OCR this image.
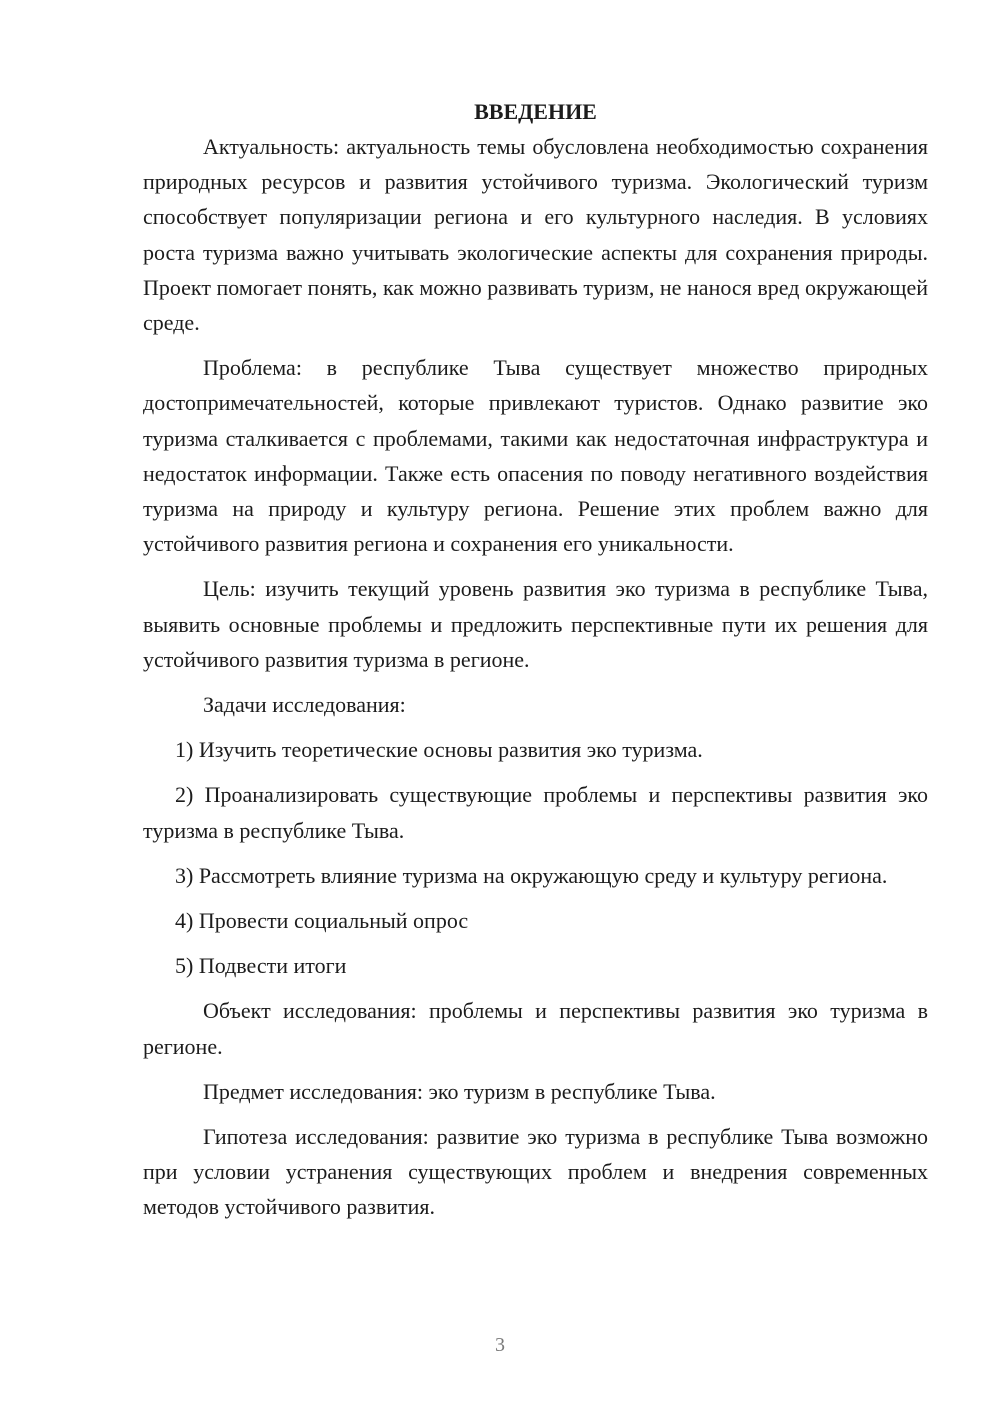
ВВЕДЕНИЕ

Актуальность: актуальность темы обусловлена необходимостью сохранения природных ресурсов и развития устойчивого туризма. Экологический туризм способствует популяризации региона и его культурного наследия. В условиях роста туризма важно учитывать экологические аспекты для сохранения природы. Проект помогает понять, как можно развивать туризм, не нанося вред окружающей среде.

Проблема: в республике Тыва существует множество природных достопримечательностей, которые привлекают туристов. Однако развитие эко туризма сталкивается с проблемами, такими как недостаточная инфраструктура и недостаток информации. Также есть опасения по поводу негативного воздействия туризма на природу и культуру региона. Решение этих проблем важно для устойчивого развития региона и сохранения его уникальности.

Цель: изучить текущий уровень развития эко туризма в республике Тыва, выявить основные проблемы и предложить перспективные пути их решения для устойчивого развития туризма в регионе.

Задачи исследования:

1) Изучить теоретические основы развития эко туризма.

2) Проанализировать существующие проблемы и перспективы развития эко туризма в республике Тыва.

3) Рассмотреть влияние туризма на окружающую среду и культуру региона.

4) Провести социальный опрос

5) Подвести итоги

Объект исследования: проблемы и перспективы развития эко туризма в регионе.

Предмет исследования: эко туризм в республике Тыва.

Гипотеза исследования: развитие эко туризма в республике Тыва возможно при условии устранения существующих проблем и внедрения современных методов устойчивого развития.

3
